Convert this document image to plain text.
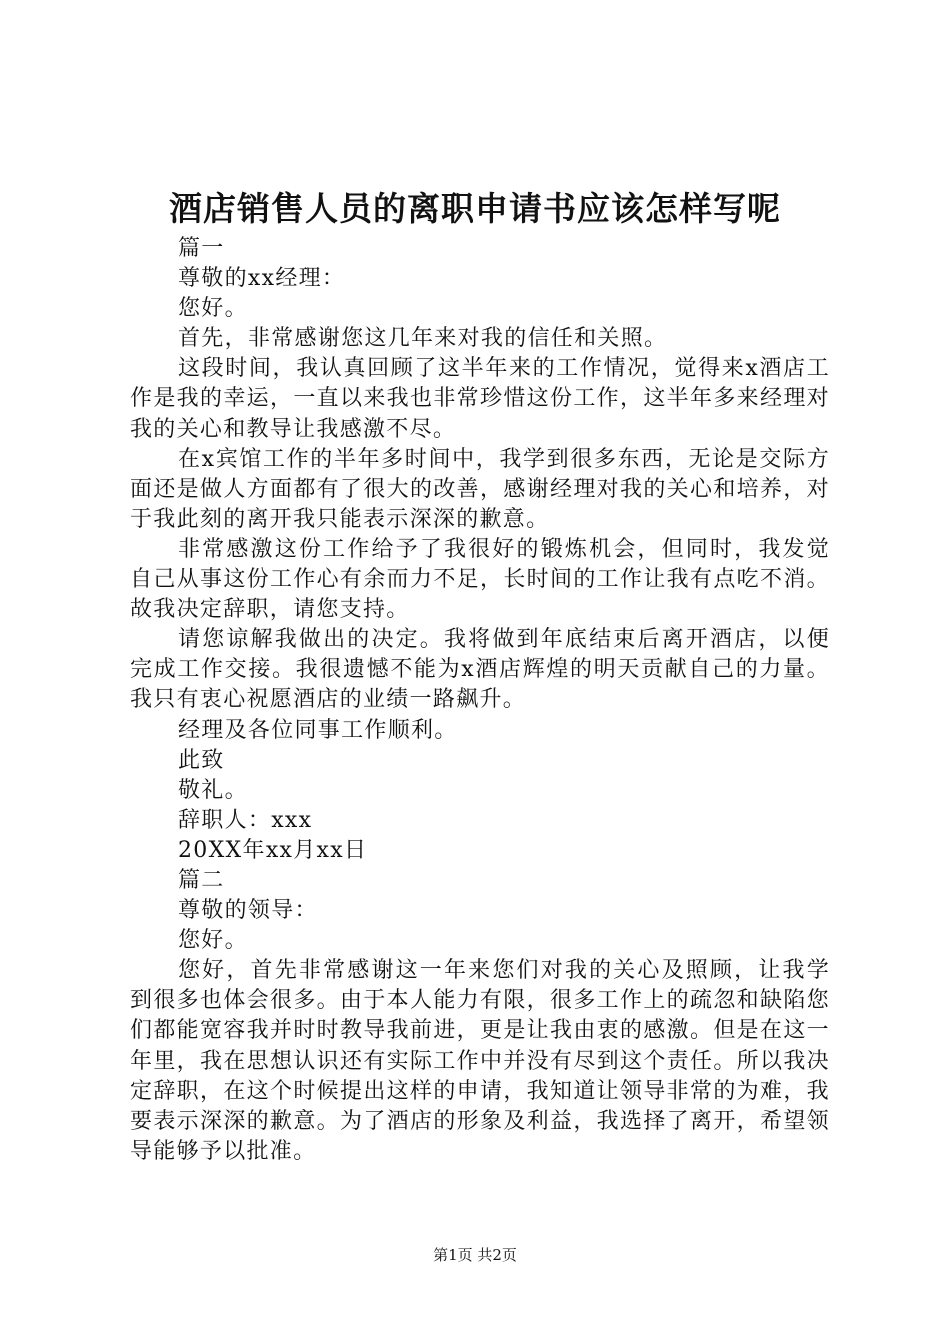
酒店销售人员的离职申请书应该怎样写呢

篇一

尊敬的xx经理：

您好。

首先，非常感谢您这几年来对我的信任和关照。

这段时间，我认真回顾了这半年来的工作情况，觉得来x酒店工作是我的幸运，一直以来我也非常珍惜这份工作，这半年多来经理对我的关心和教导让我感激不尽。

在x宾馆工作的半年多时间中，我学到很多东西，无论是交际方面还是做人方面都有了很大的改善，感谢经理对我的关心和培养，对于我此刻的离开我只能表示深深的歉意。

非常感激这份工作给予了我很好的锻炼机会，但同时，我发觉自己从事这份工作心有余而力不足，长时间的工作让我有点吃不消。故我决定辞职，请您支持。

请您谅解我做出的决定。我将做到年底结束后离开酒店，以便完成工作交接。我很遗憾不能为x酒店辉煌的明天贡献自己的力量。我只有衷心祝愿酒店的业绩一路飙升。

经理及各位同事工作顺利。

此致

敬礼。

辞职人：xxx

20XX年xx月xx日

篇二

尊敬的领导：

您好。

您好，首先非常感谢这一年来您们对我的关心及照顾，让我学到很多也体会很多。由于本人能力有限，很多工作上的疏忽和缺陷您们都能宽容我并时时教导我前进，更是让我由衷的感激。但是在这一年里，我在思想认识还有实际工作中并没有尽到这个责任。所以我决定辞职，在这个时候提出这样的申请，我知道让领导非常的为难，我要表示深深的歉意。为了酒店的形象及利益，我选择了离开，希望领导能够予以批准。

第1页 共2页
